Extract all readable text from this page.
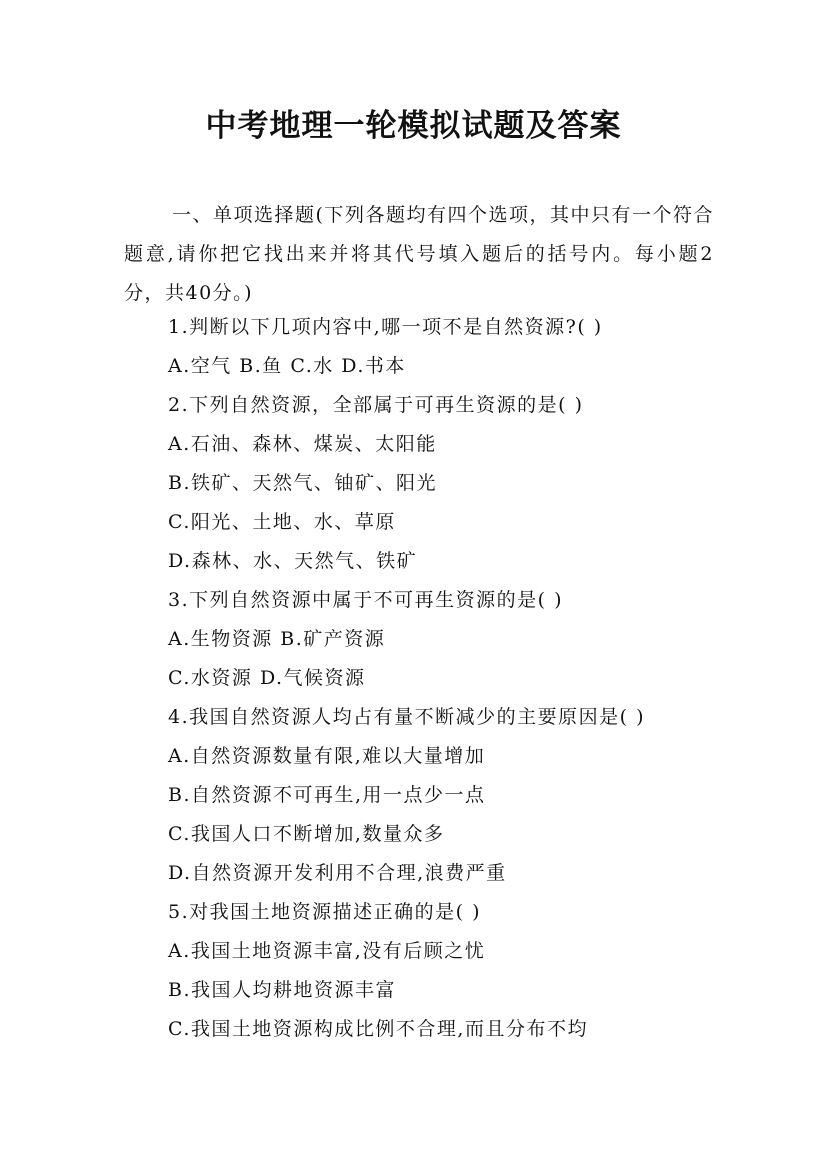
中考地理一轮模拟试题及答案
一、单项选择题(下列各题均有四个选项，其中只有一个符合题意,请你把它找出来并将其代号填入题后的括号内。每小题2分，共40分。)
1.判断以下几项内容中,哪一项不是自然资源?( )
A.空气 B.鱼 C.水 D.书本
2.下列自然资源，全部属于可再生资源的是( )
A.石油、森林、煤炭、太阳能
B.铁矿、天然气、铀矿、阳光
C.阳光、土地、水、草原
D.森林、水、天然气、铁矿
3.下列自然资源中属于不可再生资源的是( )
A.生物资源 B.矿产资源
C.水资源 D.气候资源
4.我国自然资源人均占有量不断减少的主要原因是( )
A.自然资源数量有限,难以大量增加
B.自然资源不可再生,用一点少一点
C.我国人口不断增加,数量众多
D.自然资源开发利用不合理,浪费严重
5.对我国土地资源描述正确的是( )
A.我国土地资源丰富,没有后顾之忧
B.我国人均耕地资源丰富
C.我国土地资源构成比例不合理,而且分布不均
